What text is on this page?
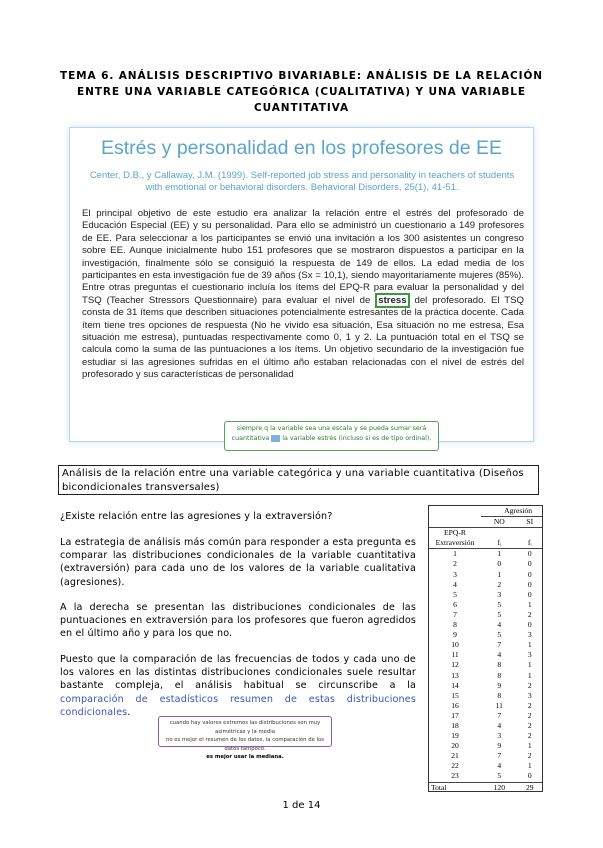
TEMA 6. ANÁLISIS DESCRIPTIVO BIVARIABLE: ANÁLISIS DE LA RELACIÓN
ENTRE UNA VARIABLE CATEGÓRICA (CUALITATIVA) Y UNA VARIABLE
CUANTITATIVA
Estrés y personalidad en los profesores de EE
Center, D.B., y Callaway, J.M. (1999). Self-reported job stress and personality in teachers of students
with emotional or behavioral disorders. Behavioral Disorders, 25(1), 41-51.
El principal objetivo de este estudio era analizar la relación entre el estrés del profesorado de Educación Especial (EE) y su personalidad. Para ello se administró un cuestionario a 149 profesores de EE. Para seleccionar a los participantes se envió una invitación a los 300 asistentes un congreso sobre EE. Aunque inicialmente hubo 151 profesores que se mostraron dispuestos a participar en la investigación, finalmente sólo se consiguió la respuesta de 149 de ellos. La edad media de los participantes en esta investigación fue de 39 años (Sx = 10,1), siendo mayoritariamente mujeres (85%). Entre otras preguntas el cuestionario incluía los ítems del EPQ-R para evaluar la personalidad y del TSQ (Teacher Stressors Questionnaire) para evaluar el nivel de stress del profesorado. El TSQ consta de 31 ítems que describen situaciones potencialmente estresantes de la práctica docente. Cada ítem tiene tres opciones de respuesta (No he vivido esa situación, Esa situación no me estresa, Esa situación me estresa), puntuadas respectivamente como 0, 1 y 2. La puntuación total en el TSQ se calcula como la suma de las puntuaciones a los ítems. Un objetivo secundario de la investigación fue estudiar si las agresiones sufridas en el último año estaban relacionadas con el nivel de estrés del profesorado y sus características de personalidad
siempre q la variable sea una escala y se pueda sumar será
cuantitativa  la variable estrés (incluso si es de tipo ordinal).
Análisis de la relación entre una variable categórica y una variable cuantitativa (Diseños bicondicionales transversales)
¿Existe relación entre las agresiones y la extraversión?
La estrategia de análisis más común para responder a esta pregunta es comparar las distribuciones condicionales de la variable cuantitativa (extraversión) para cada uno de los valores de la variable cualitativa (agresiones).
A la derecha se presentan las distribuciones condicionales de las puntuaciones en extraversión para los profesores que fueron agredidos en el último año y para los que no.
Puesto que la comparación de las frecuencias de todos y cada uno de los valores en las distintas distribuciones condicionales suele resultar bastante compleja, el análisis habitual se circunscribe a la comparación de estadísticos resumen de estas distribuciones condicionales.
cuando hay valores extremos las distribuciones son muy asimétricas y la media
no es mejor el resumen de los datos, la comparación de los datos tampoco.
es mejor usar la mediana.
	Agresión	
	NO	SI
EPQ-R		
Extraversión	fᵢ	fᵢ
1	1	0
2	0	0
3	1	0
4	2	0
5	3	0
6	5	1
7	5	2
8	4	0
9	5	3
10	7	1
11	4	3
12	8	1
13	8	1
14	9	2
15	8	3
16	11	2
17	7	2
18	4	2
19	3	2
20	9	1
21	7	2
22	4	1
23	5	0
Total	120	29
1 de 14
